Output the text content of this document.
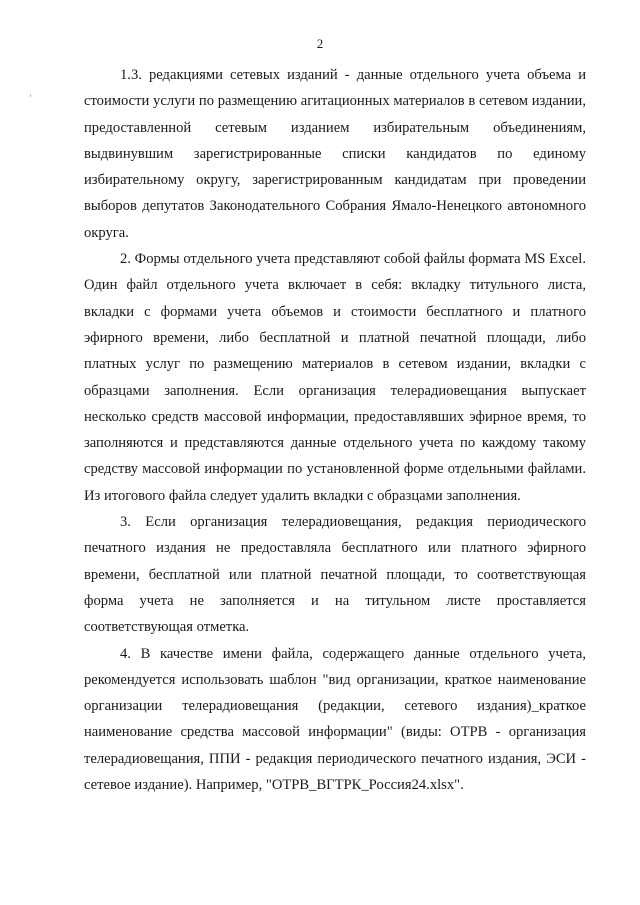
2

1.3. редакциями сетевых изданий - данные отдельного учета объема и стоимости услуги по размещению агитационных материалов в сетевом издании, предоставленной сетевым изданием избирательным объединениям, выдвинувшим зарегистрированные списки кандидатов по единому избирательному округу, зарегистрированным кандидатам при проведении выборов депутатов Законодательного Собрания Ямало-Ненецкого автономного округа.

2. Формы отдельного учета представляют собой файлы формата MS Excel. Один файл отдельного учета включает в себя: вкладку титульного листа, вкладки с формами учета объемов и стоимости бесплатного и платного эфирного времени, либо бесплатной и платной печатной площади, либо платных услуг по размещению материалов в сетевом издании, вкладки с образцами заполнения. Если организация телерадиовещания выпускает несколько средств массовой информации, предоставлявших эфирное время, то заполняются и представляются данные отдельного учета по каждому такому средству массовой информации по установленной форме отдельными файлами. Из итогового файла следует удалить вкладки с образцами заполнения.

3. Если организация телерадиовещания, редакция периодического печатного издания не предоставляла бесплатного или платного эфирного времени, бесплатной или платной печатной площади, то соответствующая форма учета не заполняется и на титульном листе проставляется соответствующая отметка.

4. В качестве имени файла, содержащего данные отдельного учета, рекомендуется использовать шаблон "вид организации, краткое наименование организации телерадиовещания (редакции, сетевого издания)_краткое наименование средства массовой информации" (виды: ОТРВ - организация телерадиовещания, ППИ - редакция периодического печатного издания, ЭСИ - сетевое издание). Например, "ОТРВ_ВГТРК_Россия24.xlsx".
